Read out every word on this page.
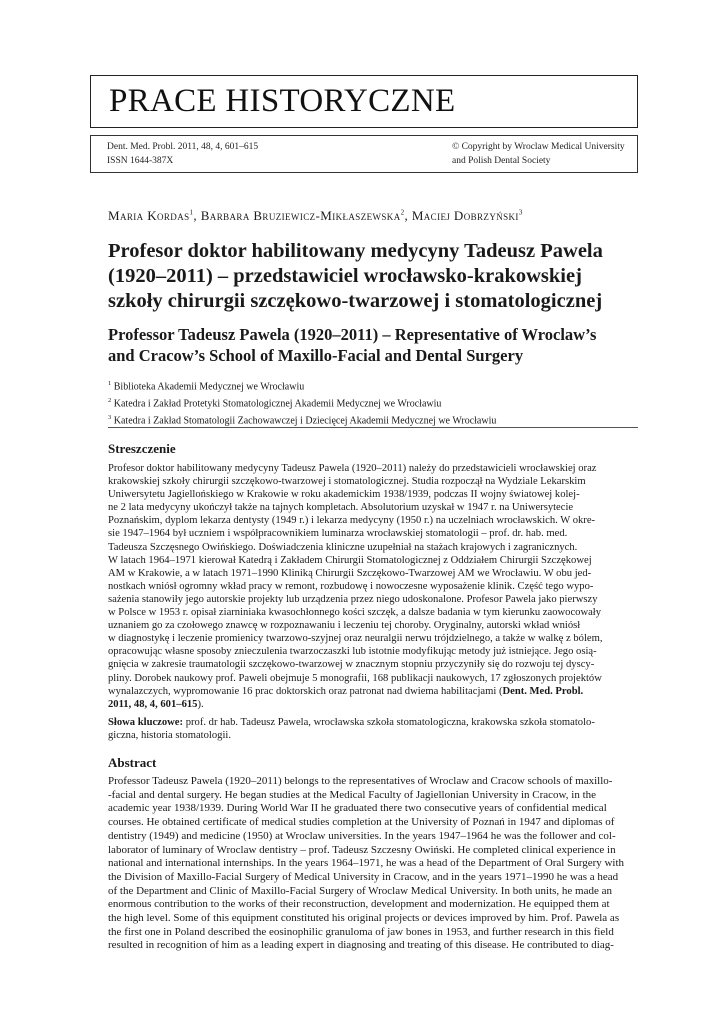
PRACE HISTORYCZNE
Dent. Med. Probl. 2011, 48, 4, 601–615
ISSN 1644-387X
© Copyright by Wroclaw Medical University
and Polish Dental Society
Maria Kordas$^1$, Barbara Bruziewicz-Mikłaszewska$^2$, Maciej Dobrzyński$^3$
Profesor doktor habilitowany medycyny Tadeusz Pawela
(1920–2011) – przedstawiciel wrocławsko-krakowskiej
szkoły chirurgii szczękowo-twarzowej i stomatologicznej
Professor Tadeusz Pawela (1920–2011) – Representative of Wroclaw’s
and Cracow’s School of Maxillo-Facial and Dental Surgery
$^1$ Biblioteka Akademii Medycznej we Wrocławiu
$^2$ Katedra i Zakład Protetyki Stomatologicznej Akademii Medycznej we Wrocławiu
$^3$ Katedra i Zakład Stomatologii Zachowawczej i Dziecięcej Akademii Medycznej we Wrocławiu
Streszczenie
Profesor doktor habilitowany medycyny Tadeusz Pawela (1920–2011) należy do przedstawicieli wrocławskiej oraz
krakowskiej szkoły chirurgii szczękowo-twarzowej i stomatologicznej. Studia rozpoczął na Wydziale Lekarskim
Uniwersytetu Jagiellońskiego w Krakowie w roku akademickim 1938/1939, podczas II wojny światowej kolej-
ne 2 lata medycyny ukończył także na tajnych kompletach. Absolutorium uzyskał w 1947 r. na Uniwersytecie
Poznańskim, dyplom lekarza dentysty (1949 r.) i lekarza medycyny (1950 r.) na uczelniach wrocławskich. W okre-
sie 1947–1964 był uczniem i współpracownikiem luminarza wrocławskiej stomatologii – prof. dr. hab. med.
Tadeusza Szczęsnego Owińskiego. Doświadczenia kliniczne uzupełniał na stażach krajowych i zagranicznych.
W latach 1964–1971 kierował Katedrą i Zakładem Chirurgii Stomatologicznej z Oddziałem Chirurgii Szczękowej
AM w Krakowie, a w latach 1971–1990 Kliniką Chirurgii Szczękowo-Twarzowej AM we Wrocławiu. W obu jed-
nostkach wniósł ogromny wkład pracy w remont, rozbudowę i nowoczesne wyposażenie klinik. Część tego wypo-
sażenia stanowiły jego autorskie projekty lub urządzenia przez niego udoskonalone. Profesor Pawela jako pierwszy
w Polsce w 1953 r. opisał ziarniniaka kwasochłonnego kości szczęk, a dalsze badania w tym kierunku zaowocowały
uznaniem go za czołowego znawcę w rozpoznawaniu i leczeniu tej choroby. Oryginalny, autorski wkład wniósł
w diagnostykę i leczenie promienicy twarzowo-szyjnej oraz neuralgii nerwu trójdzielnego, a także w walkę z bólem,
opracowując własne sposoby znieczulenia twarzoczaszki lub istotnie modyfikując metody już istniejące. Jego osią-
gnięcia w zakresie traumatologii szczękowo-twarzowej w znacznym stopniu przyczyniły się do rozwoju tej dyscy-
pliny. Dorobek naukowy prof. Paweli obejmuje 5 monografii, 168 publikacji naukowych, 17 zgłoszonych projektów
wynalazczych, wypromowanie 16 prac doktorskich oraz patronat nad dwiema habilitacjami (Dent. Med. Probl.
2011, 48, 4, 601–615).
Słowa kluczowe: prof. dr hab. Tadeusz Pawela, wrocławska szkoła stomatologiczna, krakowska szkoła stomatolo-
giczna, historia stomatologii.
Abstract
Professor Tadeusz Pawela (1920–2011) belongs to the representatives of Wroclaw and Cracow schools of maxillo-
-facial and dental surgery. He began studies at the Medical Faculty of Jagiellonian University in Cracow, in the
academic year 1938/1939. During World War II he graduated there two consecutive years of confidential medical
courses. He obtained certificate of medical studies completion at the University of Poznań in 1947 and diplomas of
dentistry (1949) and medicine (1950) at Wroclaw universities. In the years 1947–1964 he was the follower and col-
laborator of luminary of Wroclaw dentistry – prof. Tadeusz Szczesny Owiński. He completed clinical experience in
national and international internships. In the years 1964–1971, he was a head of the Department of Oral Surgery with
the Division of Maxillo-Facial Surgery of Medical University in Cracow, and in the years 1971–1990 he was a head
of the Department and Clinic of Maxillo-Facial Surgery of Wroclaw Medical University. In both units, he made an
enormous contribution to the works of their reconstruction, development and modernization. He equipped them at
the high level. Some of this equipment constituted his original projects or devices improved by him. Prof. Pawela as
the first one in Poland described the eosinophilic granuloma of jaw bones in 1953, and further research in this field
resulted in recognition of him as a leading expert in diagnosing and treating of this disease. He contributed to diag-
